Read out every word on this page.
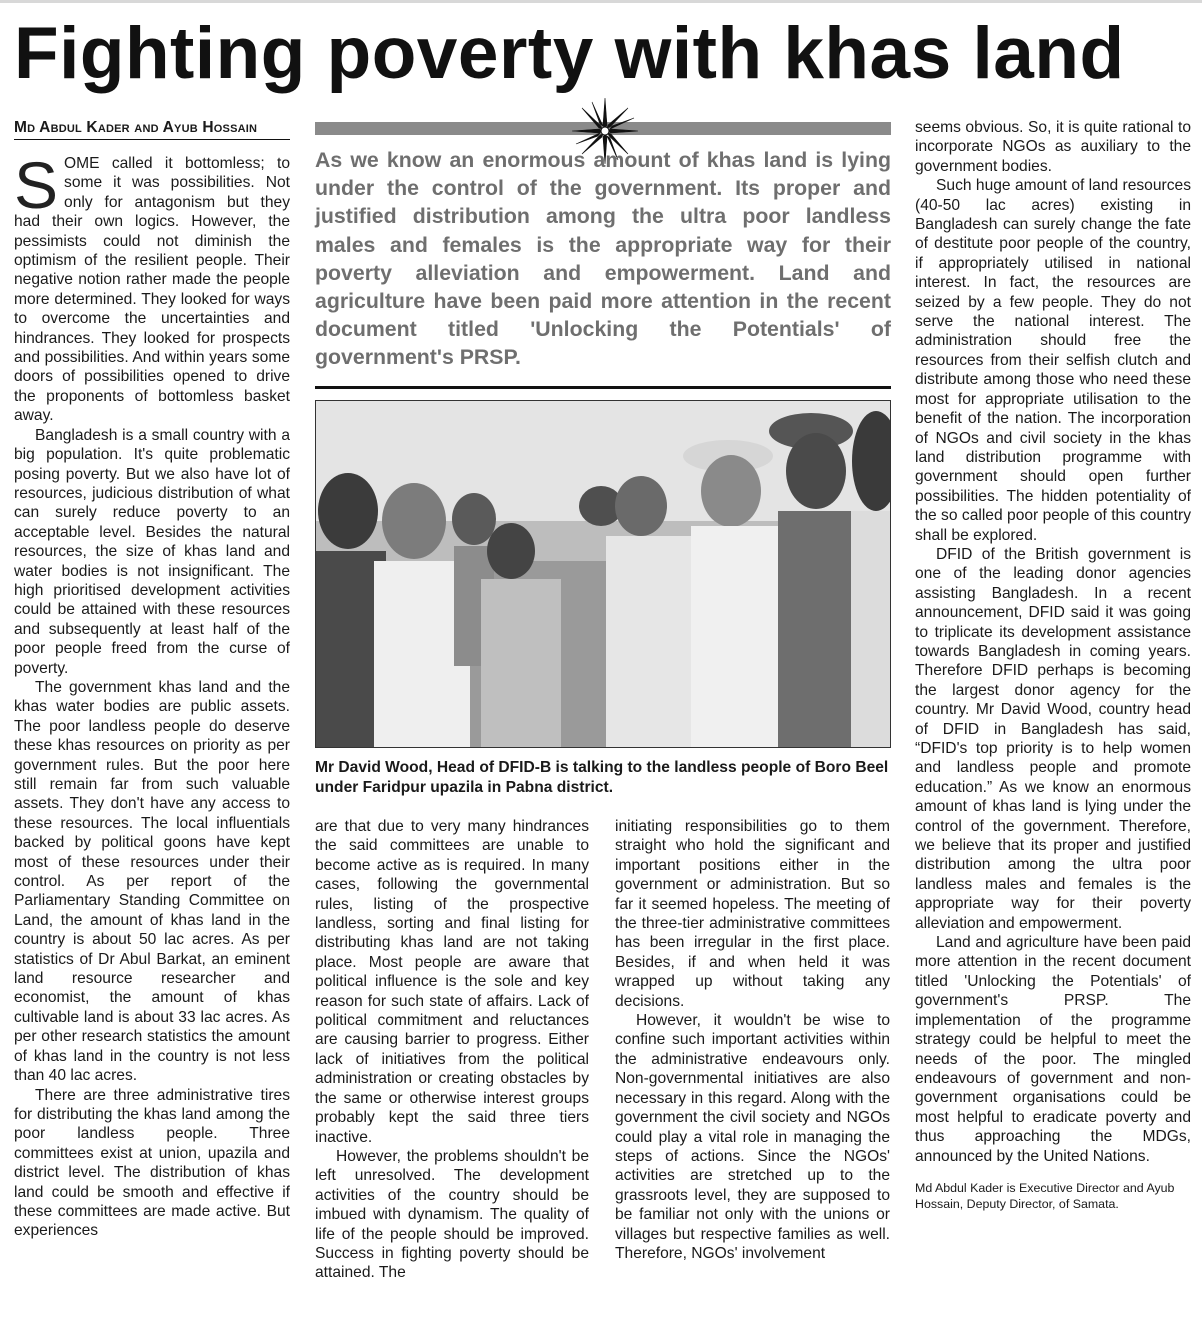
Fighting poverty with khas land
Md Abdul Kader and Ayub Hossain

SOME called it bottomless; to some it was possibilities. Not only for antagonism but they had their own logics. However, the pessimists could not diminish the optimism of the resilient people. Their negative notion rather made the people more determined. They looked for ways to overcome the uncertainties and hindrances. They looked for prospects and possibilities. And within years some doors of possibilities opened to drive the proponents of bottomless basket away.

Bangladesh is a small country with a big population. It's quite problematic posing poverty. But we also have lot of resources, judicious distribution of what can surely reduce poverty to an acceptable level. Besides the natural resources, the size of khas land and water bodies is not insignificant. The high prioritised development activities could be attained with these resources and subsequently at least half of the poor people freed from the curse of poverty.

The government khas land and the khas water bodies are public assets. The poor landless people do deserve these khas resources on priority as per government rules. But the poor here still remain far from such valuable assets. They don't have any access to these resources. The local influentials backed by political goons have kept most of these resources under their control. As per report of the Parliamentary Standing Committee on Land, the amount of khas land in the country is about 50 lac acres. As per statistics of Dr Abul Barkat, an eminent land resource researcher and economist, the amount of khas cultivable land is about 33 lac acres. As per other research statistics the amount of khas land in the country is not less than 40 lac acres.

There are three administrative tires for distributing the khas land among the poor landless people. Three committees exist at union, upazila and district level. The distribution of khas land could be smooth and effective if these committees are made active. But experiences

As we know an enormous amount of khas land is lying under the control of the government. Its proper and justified distribution among the ultra poor landless males and females is the appropriate way for their poverty alleviation and empowerment. Land and agriculture have been paid more attention in the recent document titled 'Unlocking the Potentials' of government's PRSP.

Mr David Wood, Head of DFID-B is talking to the landless people of Boro Beel under Faridpur upazila in Pabna district.

are that due to very many hindrances the said committees are unable to become active as is required. In many cases, following the governmental rules, listing of the prospective landless, sorting and final listing for distributing khas land are not taking place. Most people are aware that political influence is the sole and key reason for such state of affairs. Lack of political commitment and reluctances are causing barrier to progress. Either lack of initiatives from the political administration or creating obstacles by the same or otherwise interest groups probably kept the said three tiers inactive.

However, the problems shouldn't be left unresolved. The development activities of the country should be imbued with dynamism. The quality of life of the people should be improved. Success in fighting poverty should be attained. The

initiating responsibilities go to them straight who hold the significant and important positions either in the government or administration. But so far it seemed hopeless. The meeting of the three-tier administrative committees has been irregular in the first place. Besides, if and when held it was wrapped up without taking any decisions.

However, it wouldn't be wise to confine such important activities within the administrative endeavours only. Non-governmental initiatives are also necessary in this regard. Along with the government the civil society and NGOs could play a vital role in managing the steps of actions. Since the NGOs' activities are stretched up to the grassroots level, they are supposed to be familiar not only with the unions or villages but respective families as well. Therefore, NGOs' involvement

seems obvious. So, it is quite rational to incorporate NGOs as auxiliary to the government bodies.

Such huge amount of land resources (40-50 lac acres) existing in Bangladesh can surely change the fate of destitute poor people of the country, if appropriately utilised in national interest. In fact, the resources are seized by a few people. They do not serve the national interest. The administration should free the resources from their selfish clutch and distribute among those who need these most for appropriate utilisation to the benefit of the nation. The incorporation of NGOs and civil society in the khas land distribution programme with government should open further possibilities. The hidden potentiality of the so called poor people of this country shall be explored.

DFID of the British government is one of the leading donor agencies assisting Bangladesh. In a recent announcement, DFID said it was going to triplicate its development assistance towards Bangladesh in coming years. Therefore DFID perhaps is becoming the largest donor agency for the country. Mr David Wood, country head of DFID in Bangladesh has said, “DFID's top priority is to help women and landless people and promote education.” As we know an enormous amount of khas land is lying under the control of the government. Therefore, we believe that its proper and justified distribution among the ultra poor landless males and females is the appropriate way for their poverty alleviation and empowerment.

Land and agriculture have been paid more attention in the recent document titled 'Unlocking the Potentials' of government's PRSP. The implementation of the programme strategy could be helpful to meet the needs of the poor. The mingled endeavours of government and non-government organisations could be most helpful to eradicate poverty and thus approaching the MDGs, announced by the United Nations.

Md Abdul Kader is Executive Director and Ayub
Hossain, Deputy Director, of Samata.
